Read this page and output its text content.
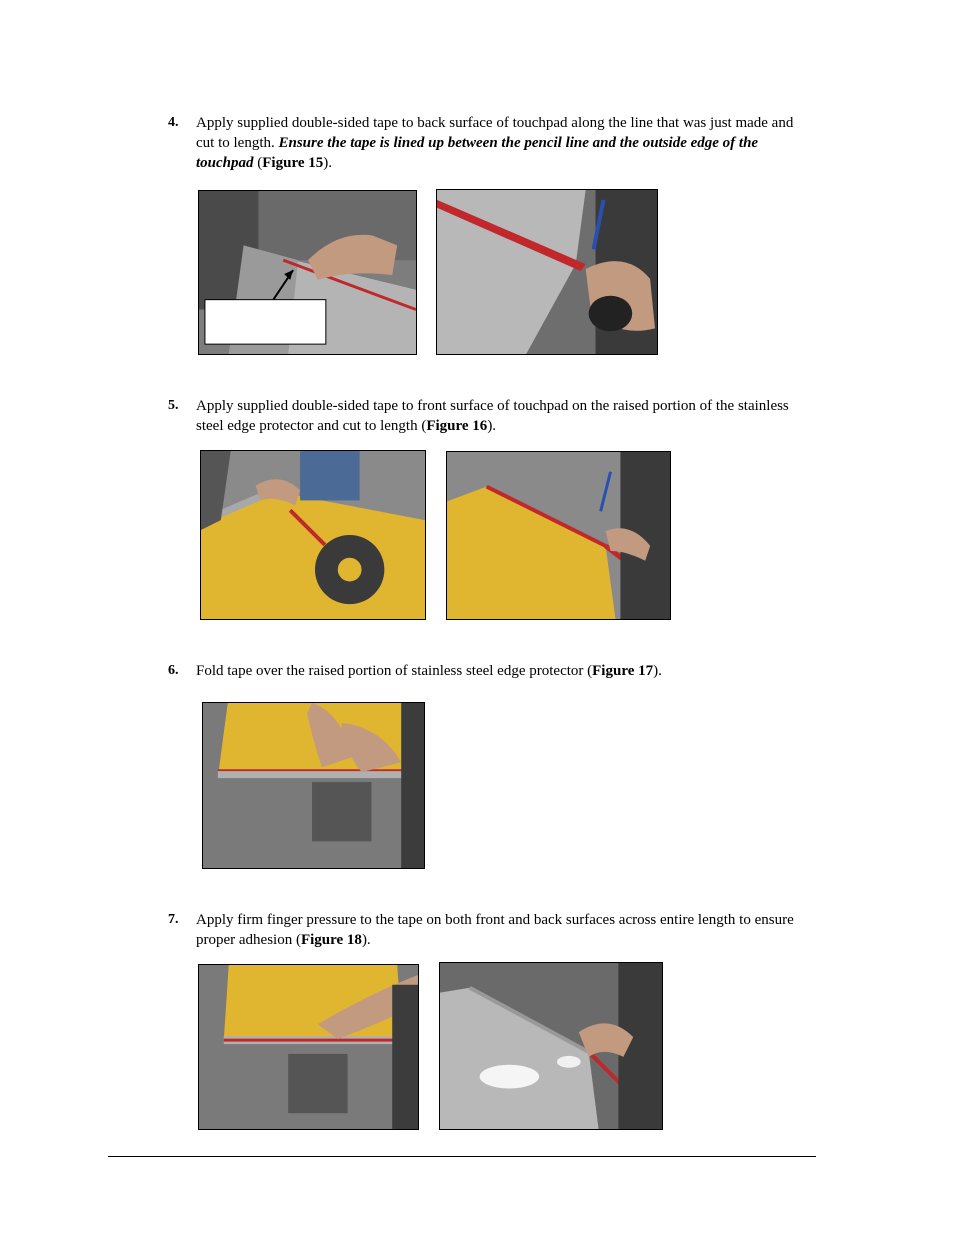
4. Apply supplied double-sided tape to back surface of touchpad along the line that was just made and cut to length. Ensure the tape is lined up between the pencil line and the outside edge of the touchpad (Figure 15).
5. Apply supplied double-sided tape to front surface of touchpad on the raised portion of the stainless steel edge protector and cut to length (Figure 16).
6. Fold tape over the raised portion of stainless steel edge protector (Figure 17).
7. Apply firm finger pressure to the tape on both front and back surfaces across entire length to ensure proper adhesion (Figure 18).
